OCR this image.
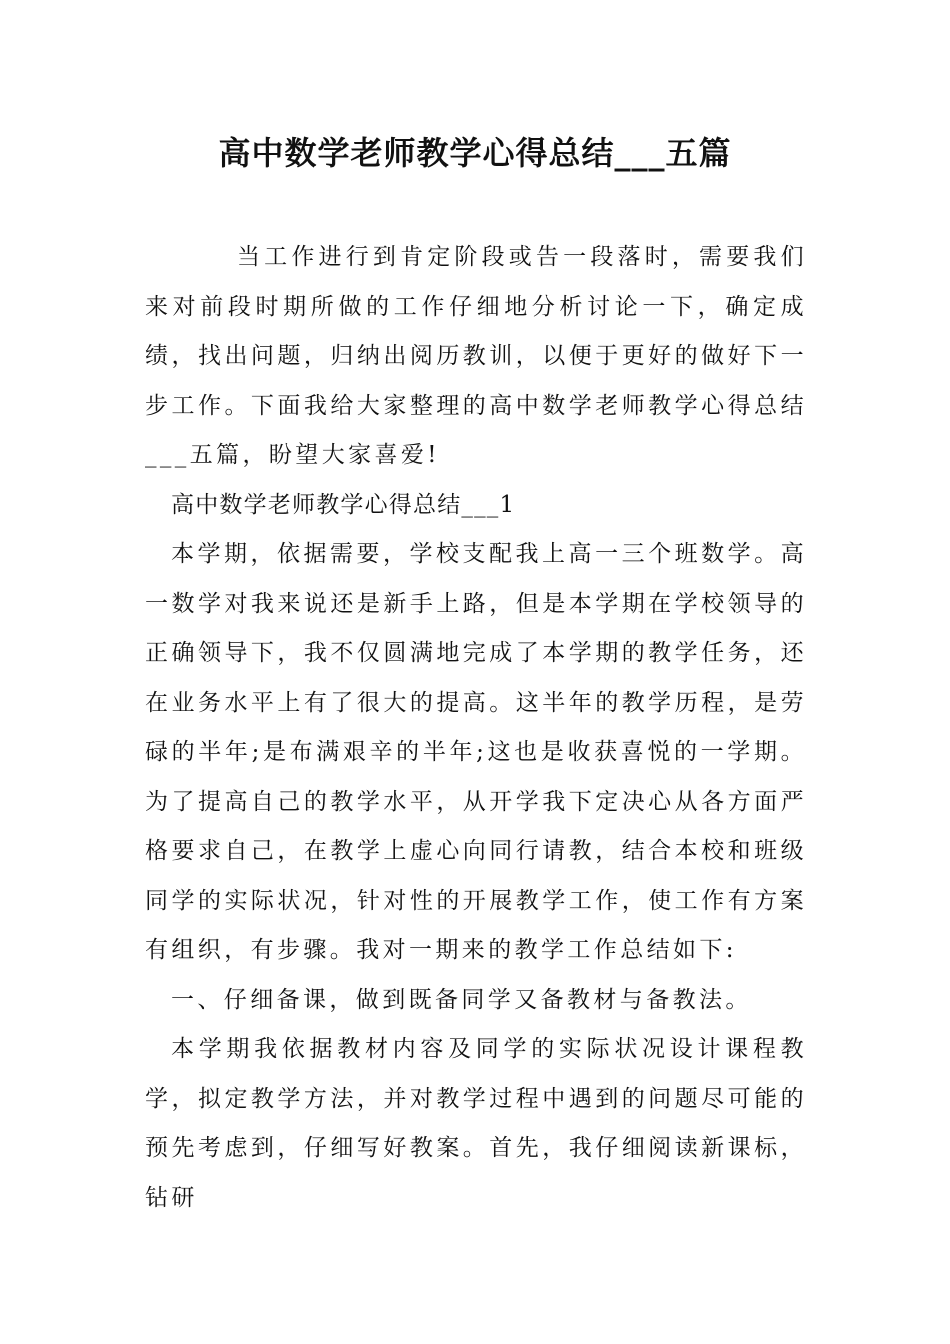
高中数学老师教学心得总结___五篇

当工作进行到肯定阶段或告一段落时，需要我们来对前段时期所做的工作仔细地分析讨论一下，确定成绩，找出问题，归纳出阅历教训，以便于更好的做好下一步工作。下面我给大家整理的高中数学老师教学心得总结___五篇，盼望大家喜爱!

高中数学老师教学心得总结___1

本学期，依据需要，学校支配我上高一三个班数学。高一数学对我来说还是新手上路，但是本学期在学校领导的正确领导下，我不仅圆满地完成了本学期的教学任务，还在业务水平上有了很大的提高。这半年的教学历程，是劳碌的半年;是布满艰辛的半年;这也是收获喜悦的一学期。为了提高自己的教学水平，从开学我下定决心从各方面严格要求自己，在教学上虚心向同行请教，结合本校和班级同学的实际状况，针对性的开展教学工作，使工作有方案有组织，有步骤。我对一期来的教学工作总结如下:

一、仔细备课，做到既备同学又备教材与备教法。

本学期我依据教材内容及同学的实际状况设计课程教学，拟定教学方法，并对教学过程中遇到的问题尽可能的预先考虑到，仔细写好教案。首先，我仔细阅读新课标，钻研
